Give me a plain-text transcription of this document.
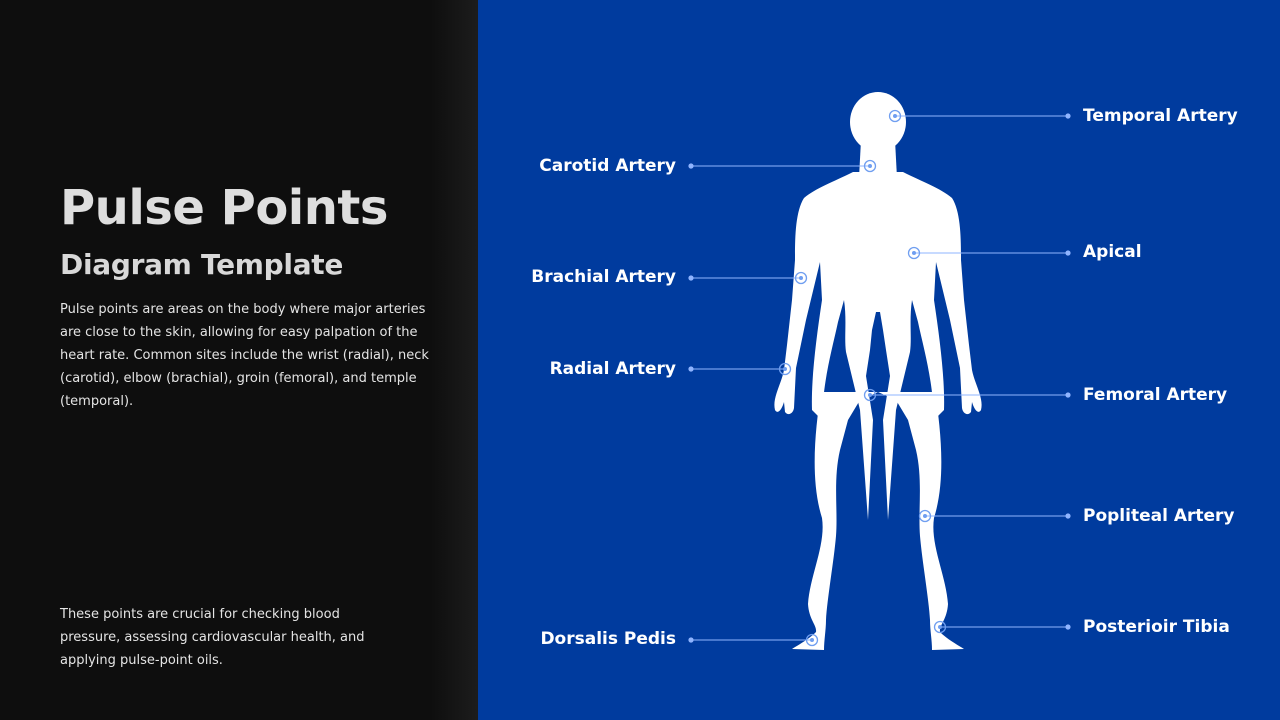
Pulse Points
Diagram Template

Pulse points are areas on the body where major arteries are close to the skin, allowing for easy palpation of the heart rate. Common sites include the wrist (radial), neck (carotid), elbow (brachial), groin (femoral), and temple (temporal).

These points are crucial for checking blood pressure, assessing cardiovascular health, and applying pulse-point oils.

Temporal Artery
Carotid Artery
Apical
Brachial Artery
Radial Artery
Femoral Artery
Popliteal Artery
Posterioir Tibia
Dorsalis Pedis
